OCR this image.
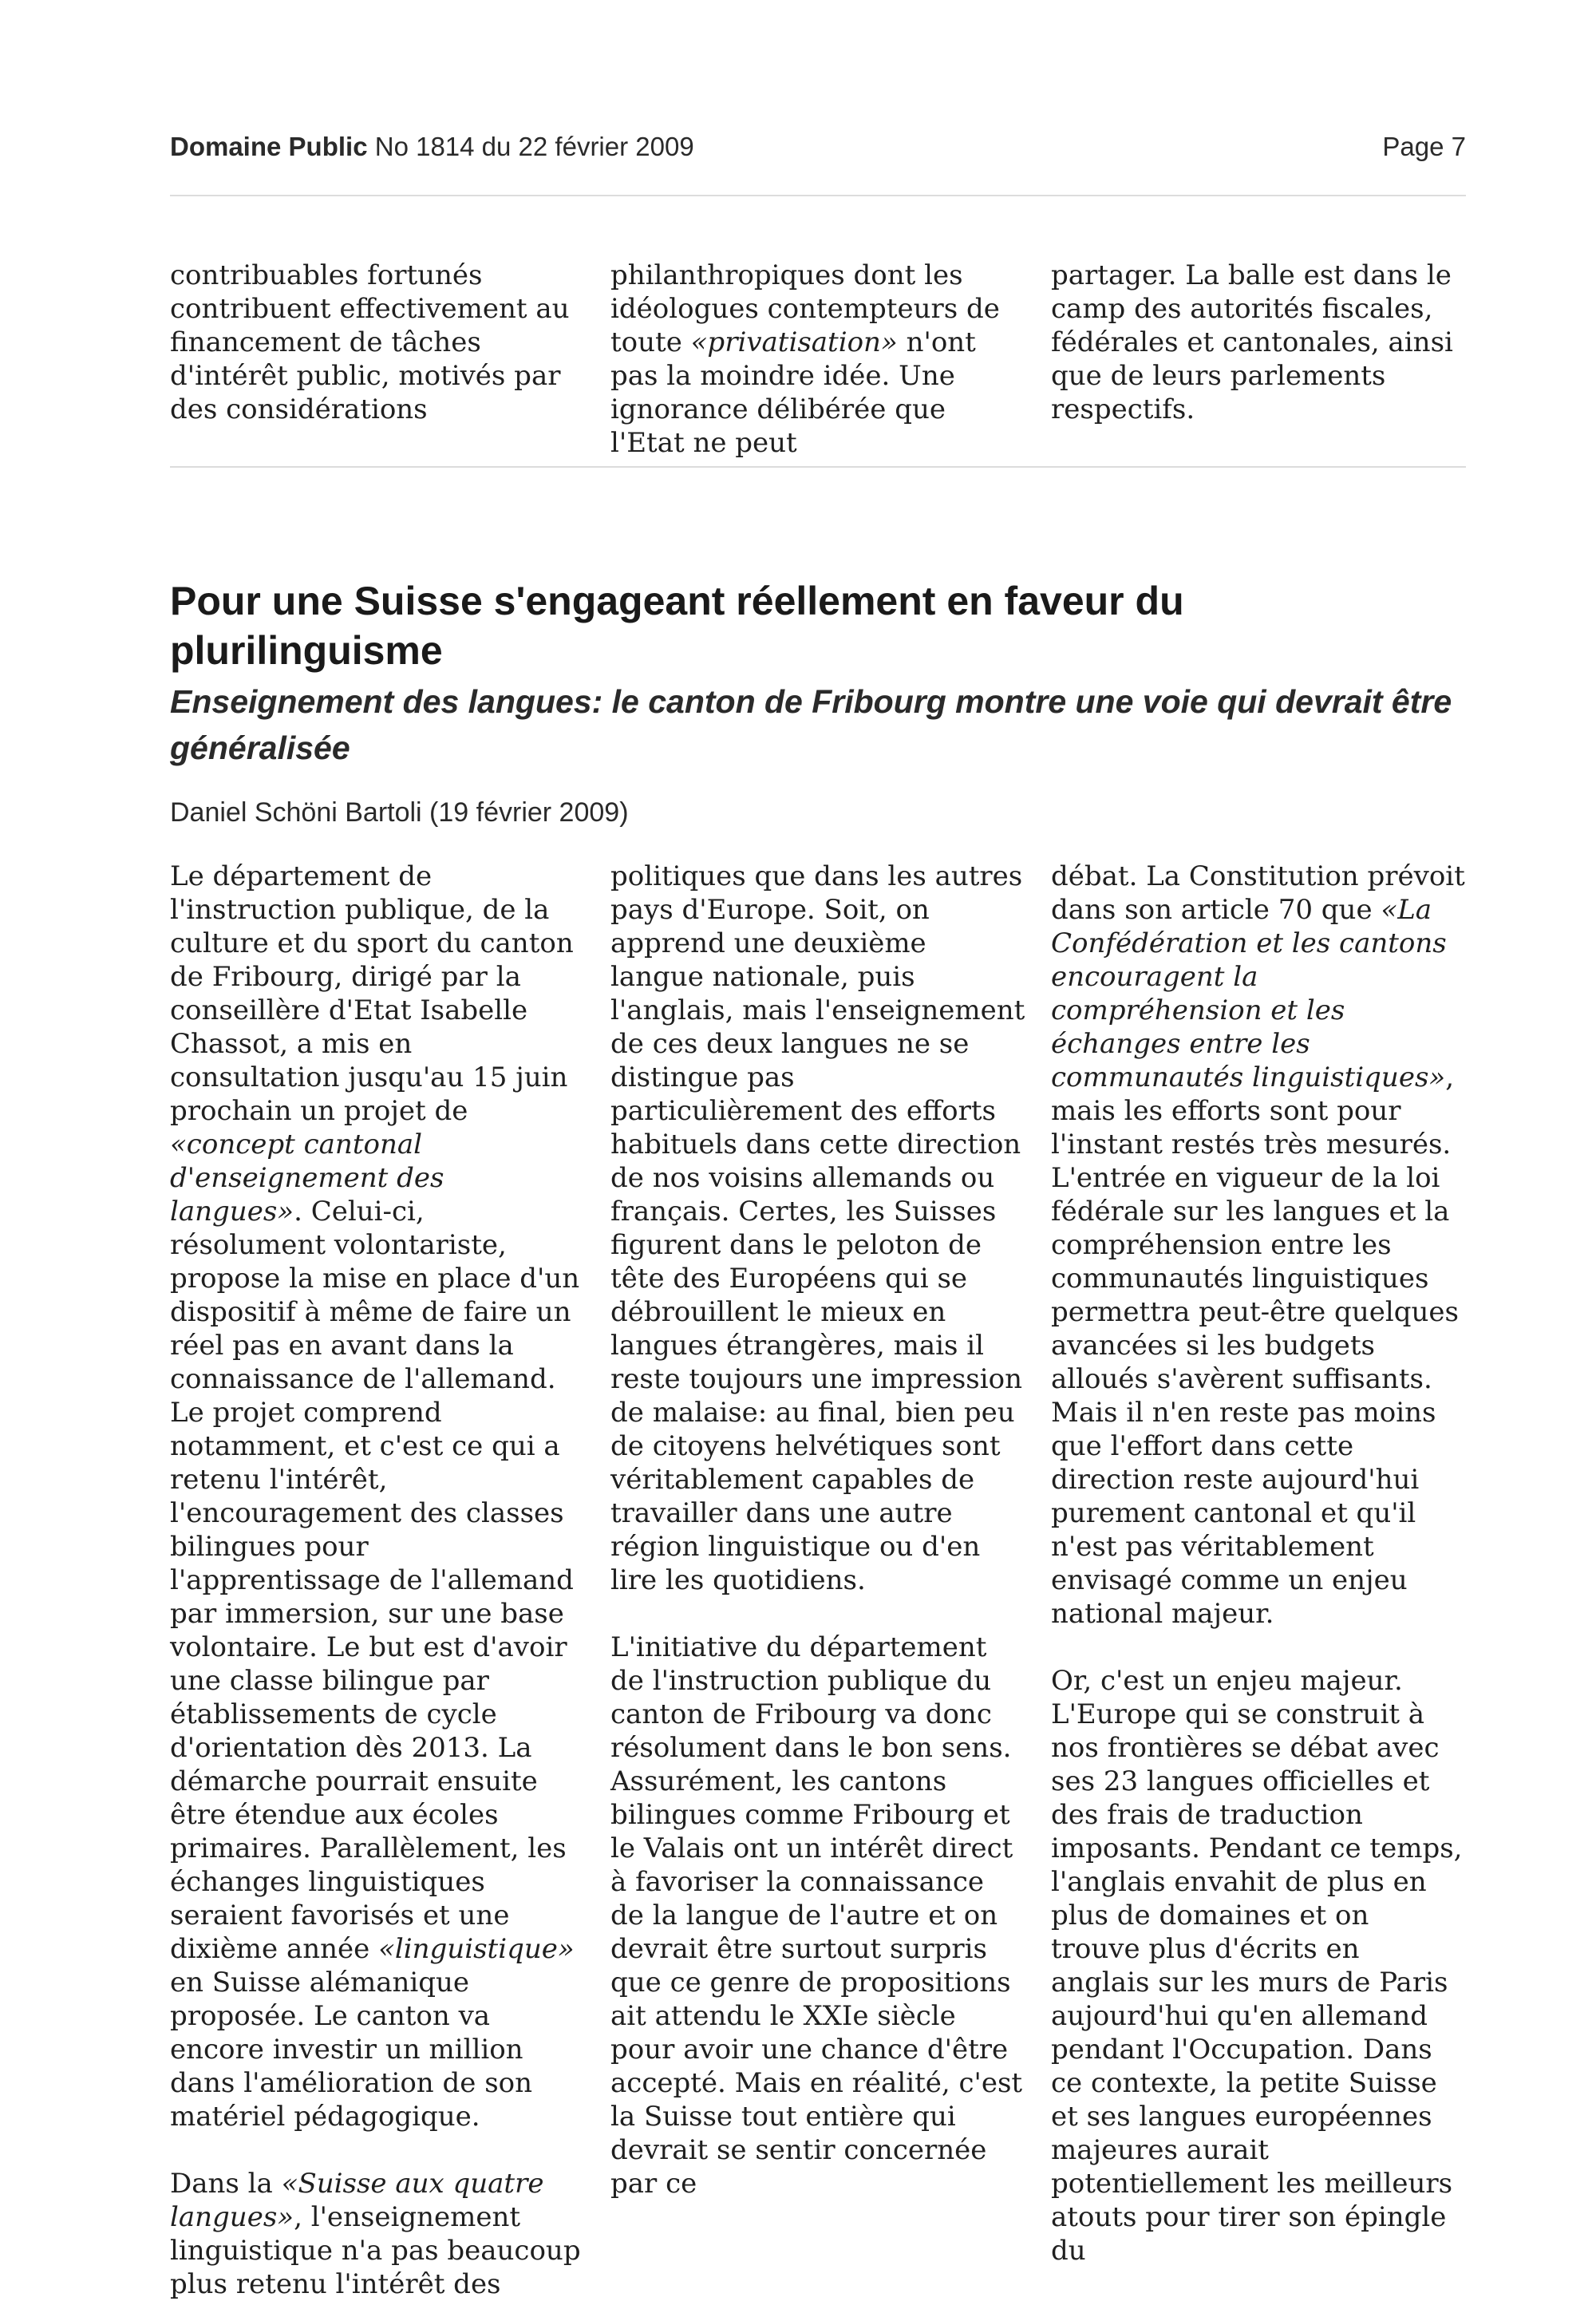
Domaine Public No 1814 du 22 février 2009	Page 7

contribuables fortunés contribuent effectivement au financement de tâches d'intérêt public, motivés par des considérations

philanthropiques dont les idéologues contempteurs de toute «privatisation» n'ont pas la moindre idée. Une ignorance délibérée que l'Etat ne peut

partager. La balle est dans le camp des autorités fiscales, fédérales et cantonales, ainsi que de leurs parlements respectifs.

Pour une Suisse s'engageant réellement en faveur du plurilinguisme
Enseignement des langues: le canton de Fribourg montre une voie qui devrait être généralisée
Daniel Schöni Bartoli (19 février 2009)

Le département de l'instruction publique, de la culture et du sport du canton de Fribourg, dirigé par la conseillère d'Etat Isabelle Chassot, a mis en consultation jusqu'au 15 juin prochain un projet de «concept cantonal d'enseignement des langues». Celui-ci, résolument volontariste, propose la mise en place d'un dispositif à même de faire un réel pas en avant dans la connaissance de l'allemand. Le projet comprend notamment, et c'est ce qui a retenu l'intérêt, l'encouragement des classes bilingues pour l'apprentissage de l'allemand par immersion, sur une base volontaire. Le but est d'avoir une classe bilingue par établissements de cycle d'orientation dès 2013. La démarche pourrait ensuite être étendue aux écoles primaires. Parallèlement, les échanges linguistiques seraient favorisés et une dixième année «linguistique» en Suisse alémanique proposée. Le canton va encore investir un million dans l'amélioration de son matériel pédagogique.

Dans la «Suisse aux quatre langues», l'enseignement linguistique n'a pas beaucoup plus retenu l'intérêt des

politiques que dans les autres pays d'Europe. Soit, on apprend une deuxième langue nationale, puis l'anglais, mais l'enseignement de ces deux langues ne se distingue pas particulièrement des efforts habituels dans cette direction de nos voisins allemands ou français. Certes, les Suisses figurent dans le peloton de tête des Européens qui se débrouillent le mieux en langues étrangères, mais il reste toujours une impression de malaise: au final, bien peu de citoyens helvétiques sont véritablement capables de travailler dans une autre région linguistique ou d'en lire les quotidiens.

L'initiative du département de l'instruction publique du canton de Fribourg va donc résolument dans le bon sens. Assurément, les cantons bilingues comme Fribourg et le Valais ont un intérêt direct à favoriser la connaissance de la langue de l'autre et on devrait être surtout surpris que ce genre de propositions ait attendu le XXIe siècle pour avoir une chance d'être accepté. Mais en réalité, c'est la Suisse tout entière qui devrait se sentir concernée par ce

débat. La Constitution prévoit dans son article 70 que «La Confédération et les cantons encouragent la compréhension et les échanges entre les communautés linguistiques», mais les efforts sont pour l'instant restés très mesurés. L'entrée en vigueur de la loi fédérale sur les langues et la compréhension entre les communautés linguistiques permettra peut-être quelques avancées si les budgets alloués s'avèrent suffisants. Mais il n'en reste pas moins que l'effort dans cette direction reste aujourd'hui purement cantonal et qu'il n'est pas véritablement envisagé comme un enjeu national majeur.

Or, c'est un enjeu majeur. L'Europe qui se construit à nos frontières se débat avec ses 23 langues officielles et des frais de traduction imposants. Pendant ce temps, l'anglais envahit de plus en plus de domaines et on trouve plus d'écrits en anglais sur les murs de Paris aujourd'hui qu'en allemand pendant l'Occupation. Dans ce contexte, la petite Suisse et ses langues européennes majeures aurait potentiellement les meilleurs atouts pour tirer son épingle du
